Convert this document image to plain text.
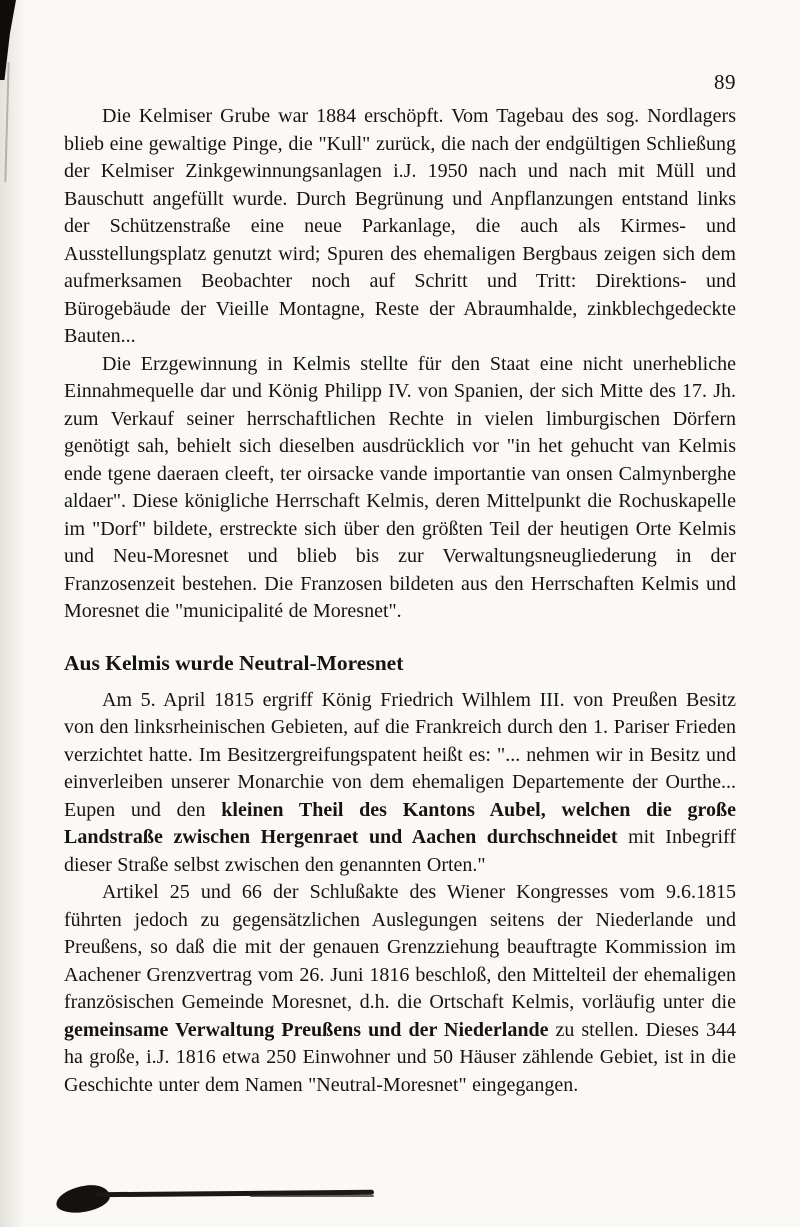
89

Die Kelmiser Grube war 1884 erschöpft. Vom Tagebau des sog. Nordlagers blieb eine gewaltige Pinge, die "Kull" zurück, die nach der endgültigen Schließung der Kelmiser Zinkgewinnungsanlagen i.J. 1950 nach und nach mit Müll und Bauschutt angefüllt wurde. Durch Begrünung und Anpflanzungen entstand links der Schützenstraße eine neue Parkanlage, die auch als Kirmes- und Ausstellungsplatz genutzt wird; Spuren des ehemaligen Bergbaus zeigen sich dem aufmerksamen Beobachter noch auf Schritt und Tritt: Direktions- und Bürogebäude der Vieille Montagne, Reste der Abraumhalde, zinkblechgedeckte Bauten...

Die Erzgewinnung in Kelmis stellte für den Staat eine nicht unerhebliche Einnahmequelle dar und König Philipp IV. von Spanien, der sich Mitte des 17. Jh. zum Verkauf seiner herrschaftlichen Rechte in vielen limburgischen Dörfern genötigt sah, behielt sich dieselben ausdrücklich vor "in het gehucht van Kelmis ende tgene daeraen cleeft, ter oirsacke vande importantie van onsen Calmynberghe aldaer". Diese königliche Herrschaft Kelmis, deren Mittelpunkt die Rochuskapelle im "Dorf" bildete, erstreckte sich über den größten Teil der heutigen Orte Kelmis und Neu-Moresnet und blieb bis zur Verwaltungsneugliederung in der Franzosenzeit bestehen. Die Franzosen bildeten aus den Herrschaften Kelmis und Moresnet die "municipalité de Moresnet".

Aus Kelmis wurde Neutral-Moresnet

Am 5. April 1815 ergriff König Friedrich Wilhlem III. von Preußen Besitz von den linksrheinischen Gebieten, auf die Frankreich durch den 1. Pariser Frieden verzichtet hatte. Im Besitzergreifungspatent heißt es: "... nehmen wir in Besitz und einverleiben unserer Monarchie von dem ehemaligen Departemente der Ourthe... Eupen und den kleinen Theil des Kantons Aubel, welchen die große Landstraße zwischen Hergenraet und Aachen durchschneidet mit Inbegriff dieser Straße selbst zwischen den genannten Orten."

Artikel 25 und 66 der Schlußakte des Wiener Kongresses vom 9.6.1815 führten jedoch zu gegensätzlichen Auslegungen seitens der Niederlande und Preußens, so daß die mit der genauen Grenzziehung beauftragte Kommission im Aachener Grenzvertrag vom 26. Juni 1816 beschloß, den Mittelteil der ehemaligen französischen Gemeinde Moresnet, d.h. die Ortschaft Kelmis, vorläufig unter die gemeinsame Verwaltung Preußens und der Niederlande zu stellen. Dieses 344 ha große, i.J. 1816 etwa 250 Einwohner und 50 Häuser zählende Gebiet, ist in die Geschichte unter dem Namen "Neutral-Moresnet" eingegangen.
